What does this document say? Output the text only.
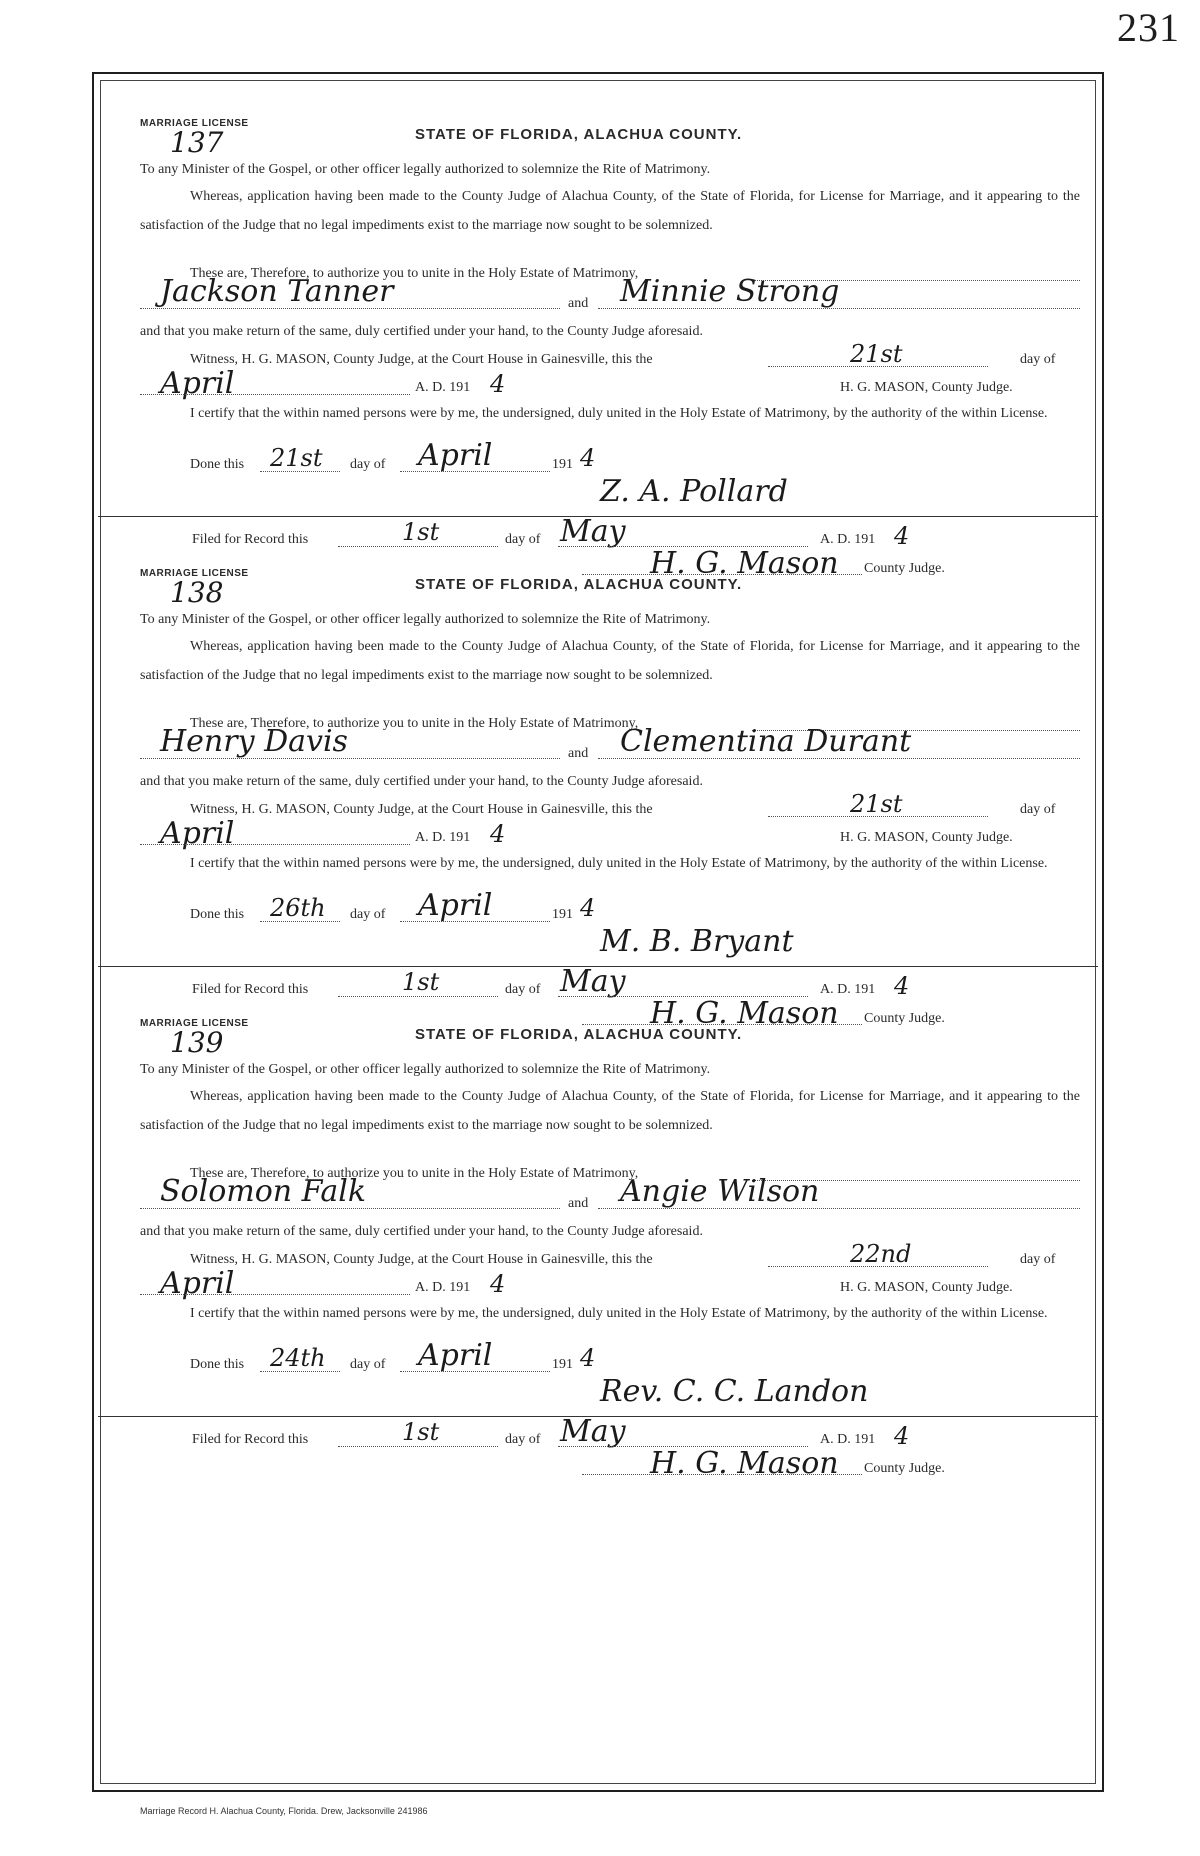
231
MARRIAGE LICENSE
137	STATE OF FLORIDA, ALACHUA COUNTY.
To any Minister of the Gospel, or other officer legally authorized to solemnize the Rite of Matrimony.
Whereas, application having been made to the County Judge of Alachua County, of the State of Florida, for License for Marriage, and it appearing to the satisfaction of the Judge that no legal impediments exist to the marriage now sought to be solemnized.
These are, Therefore, to authorize you to unite in the Holy Estate of Matrimony,
Jackson Tanner	and Minnie Strong
and that you make return of the same, duly certified under your hand, to the County Judge aforesaid.
Witness, H. G. MASON, County Judge, at the Court House in Gainesville, this the	21st	day of
April	A. D. 191 4	H. G. MASON, County Judge.
I certify that the within named persons were by me, the undersigned, duly united in the Holy Estate of Matrimony, by the authority of the within License.
Done this 21st day of April	191 4
Z. A. Pollard
Filed for Record this	1st	day of May	A. D. 191 4
H. G. Mason County Judge.
MARRIAGE LICENSE
138	STATE OF FLORIDA, ALACHUA COUNTY.
To any Minister of the Gospel, or other officer legally authorized to solemnize the Rite of Matrimony.
Whereas, application having been made to the County Judge of Alachua County, of the State of Florida, for License for Marriage, and it appearing to the satisfaction of the Judge that no legal impediments exist to the marriage now sought to be solemnized.
These are, Therefore, to authorize you to unite in the Holy Estate of Matrimony,
Henry Davis	and Clementina Durant
and that you make return of the same, duly certified under your hand, to the County Judge aforesaid.
Witness, H. G. MASON, County Judge, at the Court House in Gainesville, this the	21st	day of
April	A. D. 191 4	H. G. MASON, County Judge.
I certify that the within named persons were by me, the undersigned, duly united in the Holy Estate of Matrimony, by the authority of the within License.
Done this 26th day of April	191 4
M. B. Bryant
Filed for Record this	1st	day of May	A. D. 191 4
H. G. Mason County Judge.
MARRIAGE LICENSE
139	STATE OF FLORIDA, ALACHUA COUNTY.
To any Minister of the Gospel, or other officer legally authorized to solemnize the Rite of Matrimony.
Whereas, application having been made to the County Judge of Alachua County, of the State of Florida, for License for Marriage, and it appearing to the satisfaction of the Judge that no legal impediments exist to the marriage now sought to be solemnized.
These are, Therefore, to authorize you to unite in the Holy Estate of Matrimony,
Solomon Falk	and Angie Wilson
and that you make return of the same, duly certified under your hand, to the County Judge aforesaid.
Witness, H. G. MASON, County Judge, at the Court House in Gainesville, this the	22nd	day of
April	A. D. 191 4	H. G. MASON, County Judge.
I certify that the within named persons were by me, the undersigned, duly united in the Holy Estate of Matrimony, by the authority of the within License.
Done this 24th day of April	191 4
Rev. C. C. Landon
Filed for Record this	1st	day of May	A. D. 191 4
H. G. Mason County Judge.
Marriage Record H. Alachua County, Florida. Drew, Jacksonville 241986
